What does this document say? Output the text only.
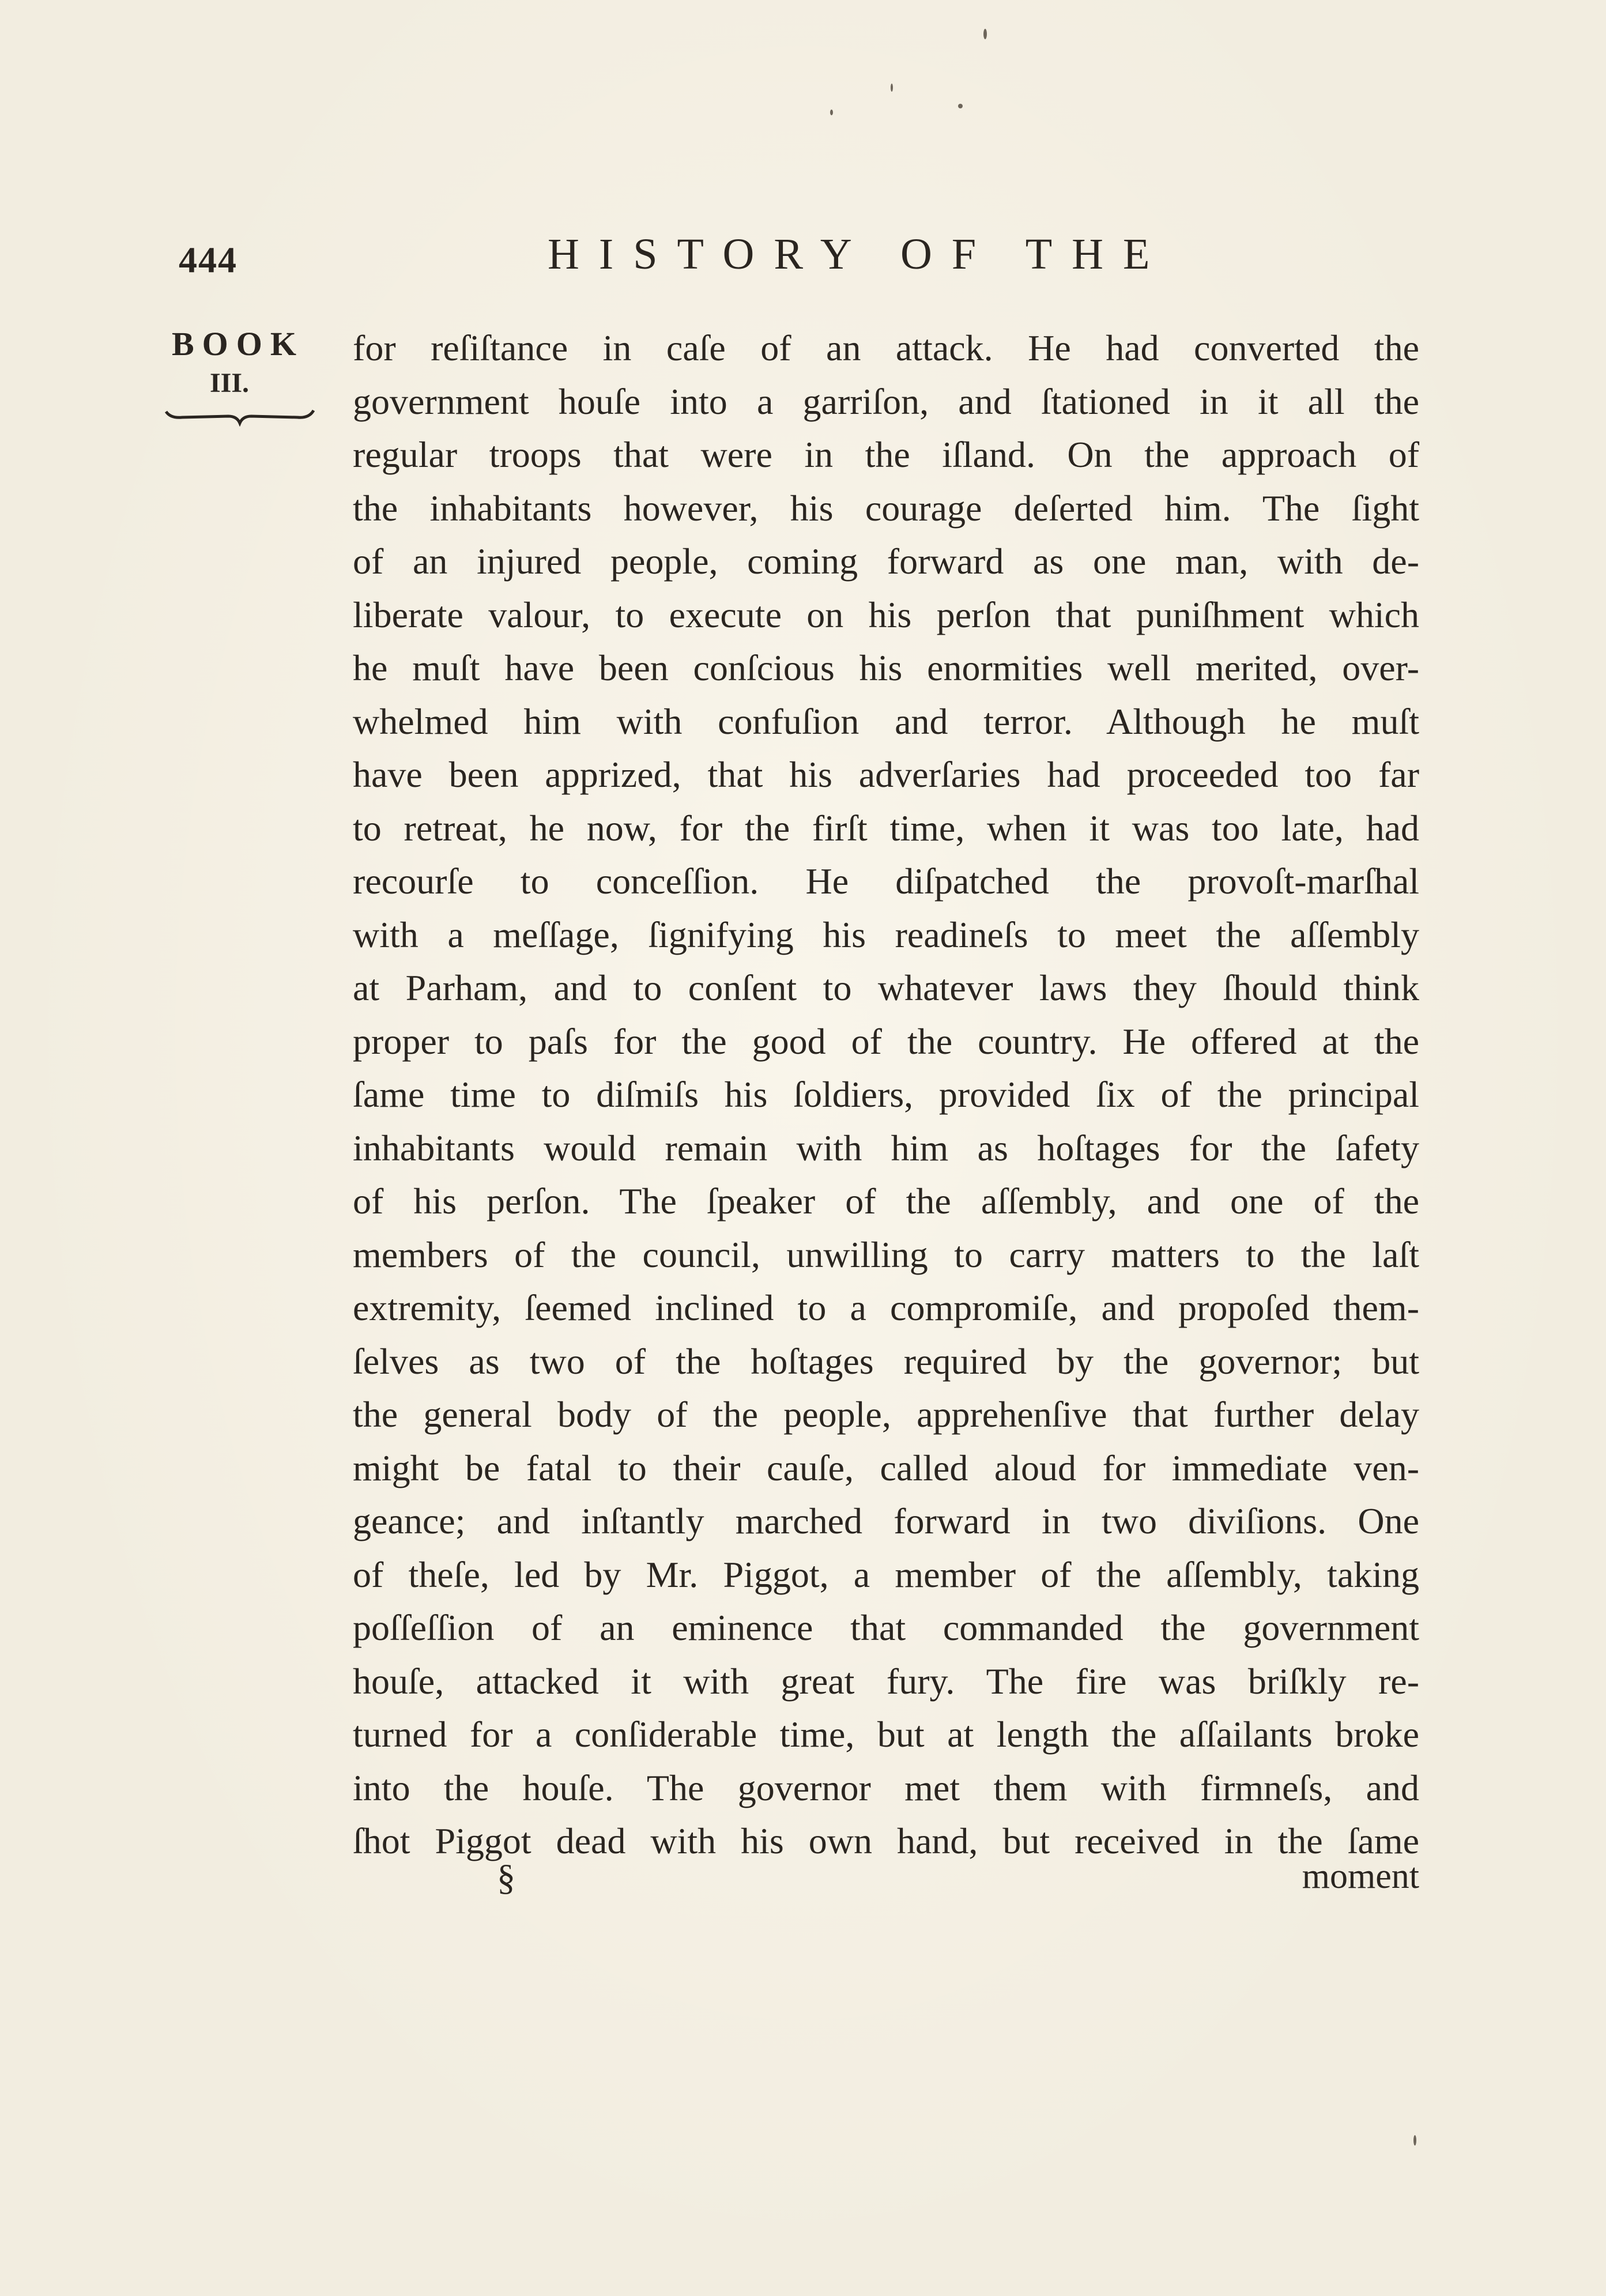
444	HISTORY OF THE
BOOK
III.
for reſiſtance in caſe of an attack. He had converted the
government houſe into a garriſon, and ſtationed in it all the
regular troops that were in the iſland. On the approach of
the inhabitants however, his courage deſerted him. The ſight
of an injured people, coming forward as one man, with de-
liberate valour, to execute on his perſon that puniſhment which
he muſt have been conſcious his enormities well merited, over-
whelmed him with confuſion and terror. Although he muſt
have been apprized, that his adverſaries had proceeded too far
to retreat, he now, for the firſt time, when it was too late, had
recourſe to conceſſion. He diſpatched the provoſt-marſhal
with a meſſage, ſignifying his readineſs to meet the aſſembly
at Parham, and to conſent to whatever laws they ſhould think
proper to paſs for the good of the country. He offered at the
ſame time to diſmiſs his ſoldiers, provided ſix of the principal
inhabitants would remain with him as hoſtages for the ſafety
of his perſon. The ſpeaker of the aſſembly, and one of the
members of the council, unwilling to carry matters to the laſt
extremity, ſeemed inclined to a compromiſe, and propoſed them-
ſelves as two of the hoſtages required by the governor; but
the general body of the people, apprehenſive that further delay
might be fatal to their cauſe, called aloud for immediate ven-
geance; and inſtantly marched forward in two diviſions. One
of theſe, led by Mr. Piggot, a member of the aſſembly, taking
poſſeſſion of an eminence that commanded the government
houſe, attacked it with great fury. The fire was briſkly re-
turned for a conſiderable time, but at length the aſſailants broke
into the houſe. The governor met them with firmneſs, and
ſhot Piggot dead with his own hand, but received in the ſame
§	moment
